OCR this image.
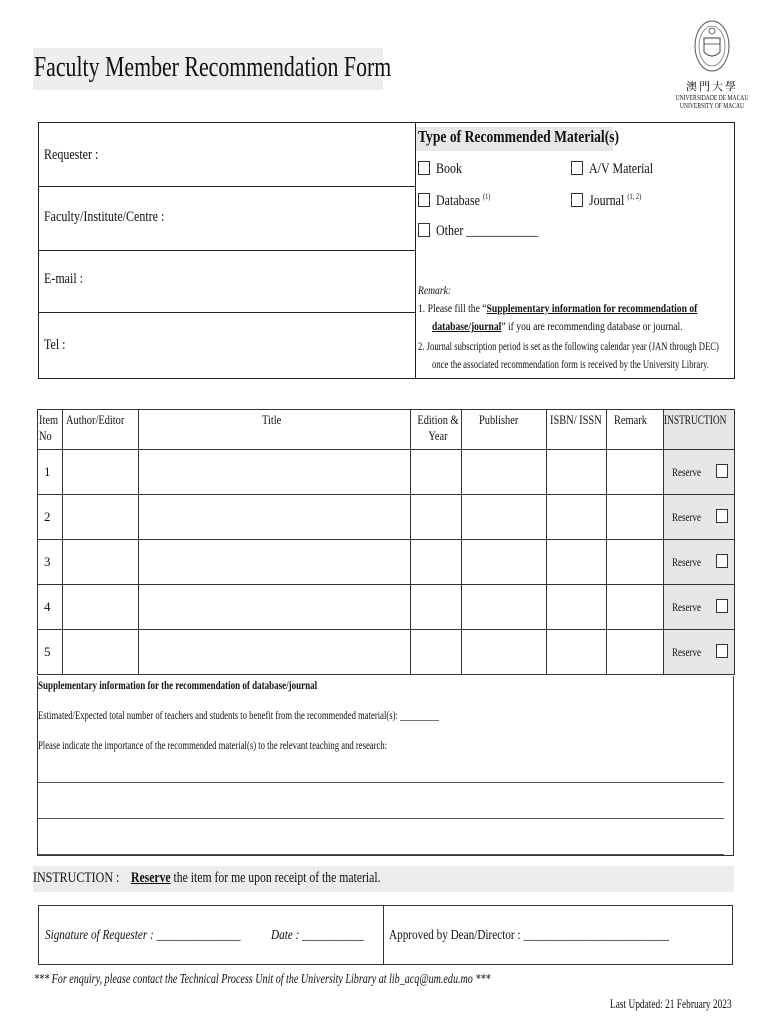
Faculty Member Recommendation Form
澳門大學
UNIVERSIDADE DE MACAU
UNIVERSITY OF MACAU
Requester :
Faculty/Institute/Centre :
E-mail :
Tel :
Type of Recommended Material(s)
Book	A/V Material
Database $^{(1)}$	Journal $^{(1, 2)}$
Other ____________
Remark:
1. Please fill the “Supplementary information for recommendation of
database/journal” if you are recommending database or journal.
2. Journal subscription period is set as the following calendar year (JAN through DEC)
once the associated recommendation form is received by the University Library.
Item No	Author/Editor	Title	Edition & Year	Publisher	ISBN/ ISSN	Remark	INSTRUCTION
1							Reserve
2							Reserve
3							Reserve
4							Reserve
5							Reserve
Supplementary information for the recommendation of database/journal
Estimated/Expected total number of teachers and students to benefit from the recommended material(s): _________
Please indicate the importance of the recommended material(s) to the relevant teaching and research:
INSTRUCTION : Reserve the item for me upon receipt of the material.
Signature of Requester : _______________	Date : ___________	Approved by Dean/Director : __________________________
*** For enquiry, please contact the Technical Process Unit of the University Library at lib_acq@um.edu.mo ***
Last Updated: 21 February 2023
